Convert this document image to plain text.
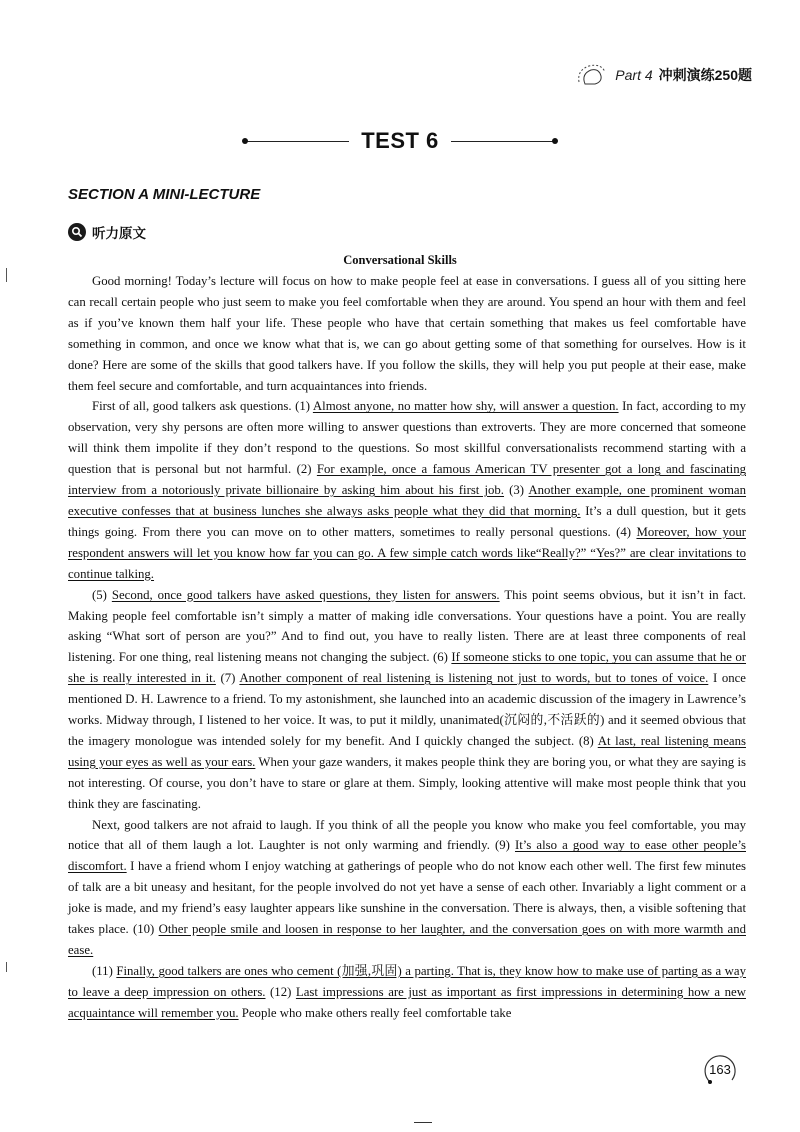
Part 4 冲刺演练250题
TEST 6
SECTION A MINI-LECTURE
听力原文
Conversational Skills

Good morning! Today’s lecture will focus on how to make people feel at ease in conversations. I guess all of you sitting here can recall certain people who just seem to make you feel comfortable when they are around. You spend an hour with them and feel as if you’ve known them half your life. These people who have that certain something that makes us feel comfortable have something in common, and once we know what that is, we can go about getting some of that something for ourselves. How is it done? Here are some of the skills that good talkers have. If you follow the skills, they will help you put people at their ease, make them feel secure and comfortable, and turn acquaintances into friends.

First of all, good talkers ask questions. (1) Almost anyone, no matter how shy, will answer a question. In fact, according to my observation, very shy persons are often more willing to answer questions than extroverts. They are more concerned that someone will think them impolite if they don’t respond to the questions. So most skillful conversationalists recommend starting with a question that is personal but not harmful. (2) For example, once a famous American TV presenter got a long and fascinating interview from a notoriously private billionaire by asking him about his first job. (3) Another example, one prominent woman executive confesses that at business lunches she always asks people what they did that morning. It’s a dull question, but it gets things going. From there you can move on to other matters, sometimes to really personal questions. (4) Moreover, how your respondent answers will let you know how far you can go. A few simple catch words like“Really?” “Yes?” are clear invitations to continue talking.

(5) Second, once good talkers have asked questions, they listen for answers. This point seems obvious, but it isn’t in fact. Making people feel comfortable isn’t simply a matter of making idle conversations. Your questions have a point. You are really asking “What sort of person are you?” And to find out, you have to really listen. There are at least three components of real listening. For one thing, real listening means not changing the subject. (6) If someone sticks to one topic, you can assume that he or she is really interested in it. (7) Another component of real listening is listening not just to words, but to tones of voice. I once mentioned D. H. Lawrence to a friend. To my astonishment, she launched into an academic discussion of the imagery in Lawrence’s works. Midway through, I listened to her voice. It was, to put it mildly, unanimated(沉闷的,不活跃的) and it seemed obvious that the imagery monologue was intended solely for my benefit. And I quickly changed the subject. (8) At last, real listening means using your eyes as well as your ears. When your gaze wanders, it makes people think they are boring you, or what they are saying is not interesting. Of course, you don’t have to stare or glare at them. Simply, looking attentive will make most people think that you think they are fascinating.

Next, good talkers are not afraid to laugh. If you think of all the people you know who make you feel comfortable, you may notice that all of them laugh a lot. Laughter is not only warming and friendly. (9) It’s also a good way to ease other people’s discomfort. I have a friend whom I enjoy watching at gatherings of people who do not know each other well. The first few minutes of talk are a bit uneasy and hesitant, for the people involved do not yet have a sense of each other. Invariably a light comment or a joke is made, and my friend’s easy laughter appears like sunshine in the conversation. There is always, then, a visible softening that takes place. (10) Other people smile and loosen in response to her laughter, and the conversation goes on with more warmth and ease.

(11) Finally, good talkers are ones who cement (加强,巩固) a parting. That is, they know how to make use of parting as a way to leave a deep impression on others. (12) Last impressions are just as important as first impressions in determining how a new acquaintance will remember you. People who make others really feel comfortable take

163
